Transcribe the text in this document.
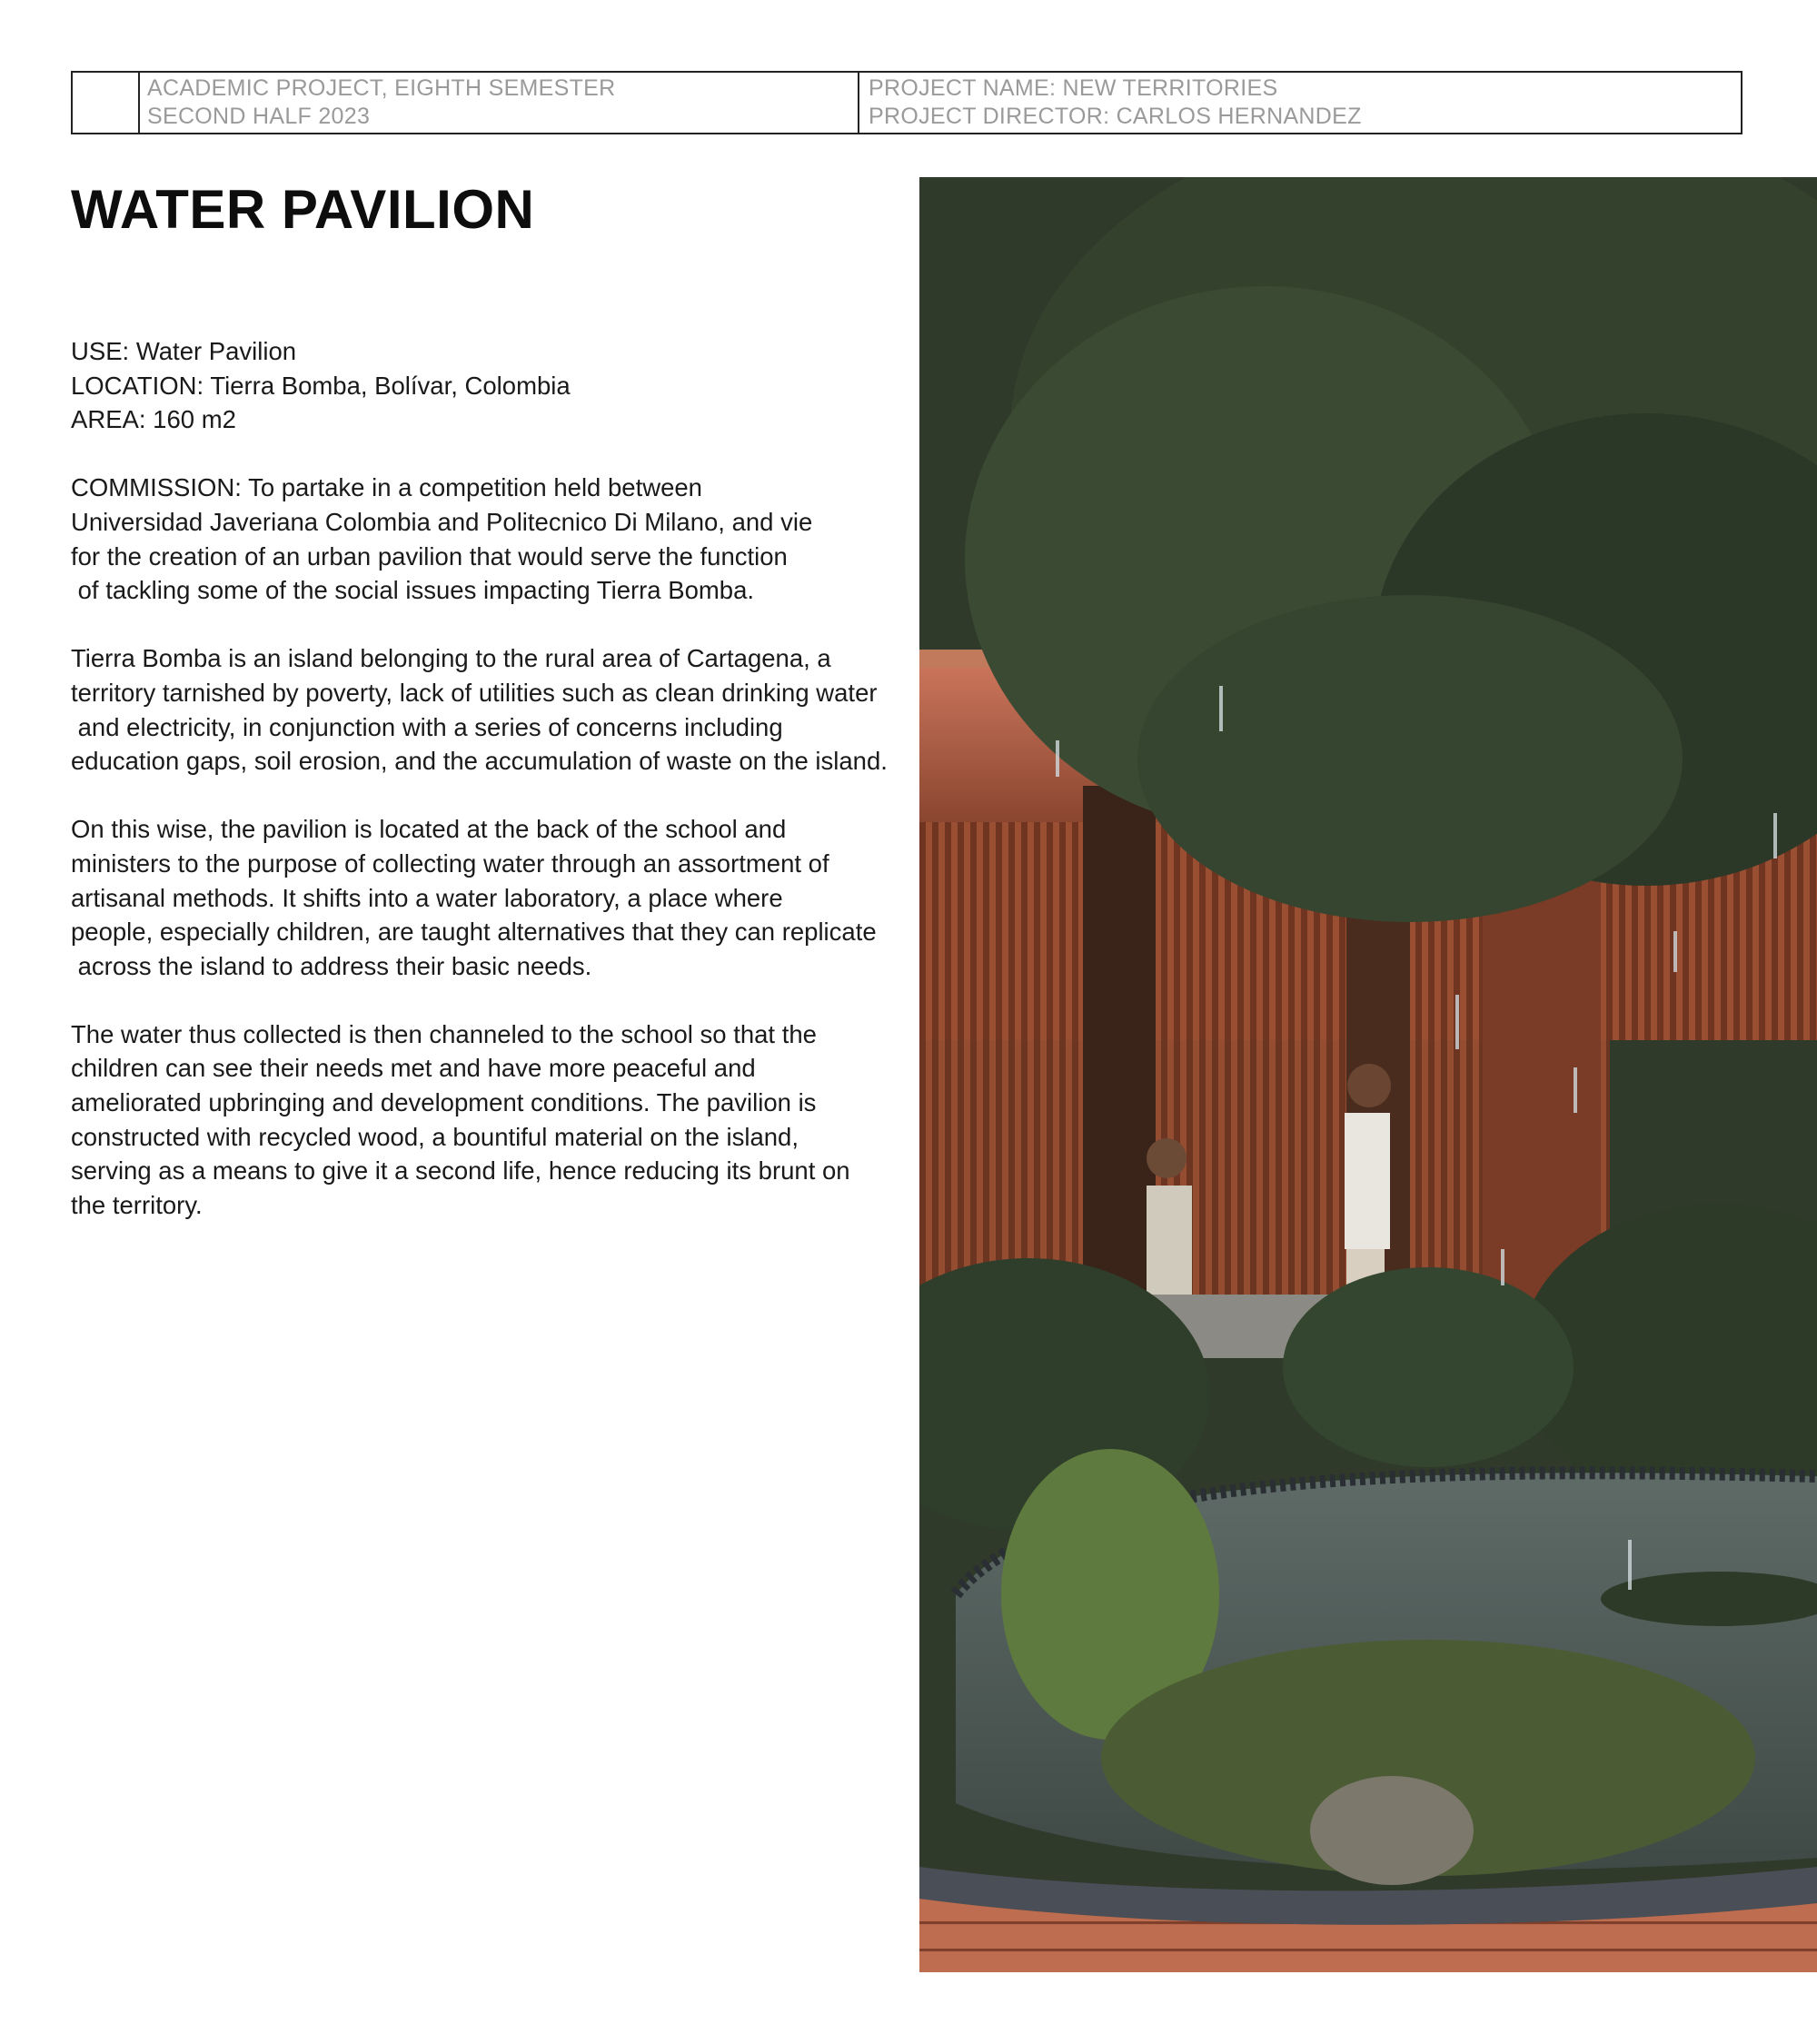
ACADEMIC PROJECT, EIGHTH SEMESTER
SECOND HALF 2023
PROJECT NAME: NEW TERRITORIES
PROJECT DIRECTOR: CARLOS HERNANDEZ
WATER PAVILION
USE: Water Pavilion
LOCATION: Tierra Bomba, Bolívar, Colombia
AREA: 160 m2
COMMISSION: To partake in a competition held between
Universidad Javeriana Colombia and Politecnico Di Milano, and vie
for the creation of an urban pavilion that would serve the function
of tackling some of the social issues impacting Tierra Bomba.
Tierra Bomba is an island belonging to the rural area of Cartagena, a
territory tarnished by poverty, lack of utilities such as clean drinking water
and electricity, in conjunction with a series of concerns including
education gaps, soil erosion, and the accumulation of waste on the island.
On this wise, the pavilion is located at the back of the school and
ministers to the purpose of collecting water through an assortment of
artisanal methods. It shifts into a water laboratory, a place where
people, especially children, are taught alternatives that they can replicate
across the island to address their basic needs.
The water thus collected is then channeled to the school so that the
children can see their needs met and have more peaceful and
ameliorated upbringing and development conditions. The pavilion is
constructed with recycled wood, a bountiful material on the island,
serving as a means to give it a second life, hence reducing its brunt on
the territory.
